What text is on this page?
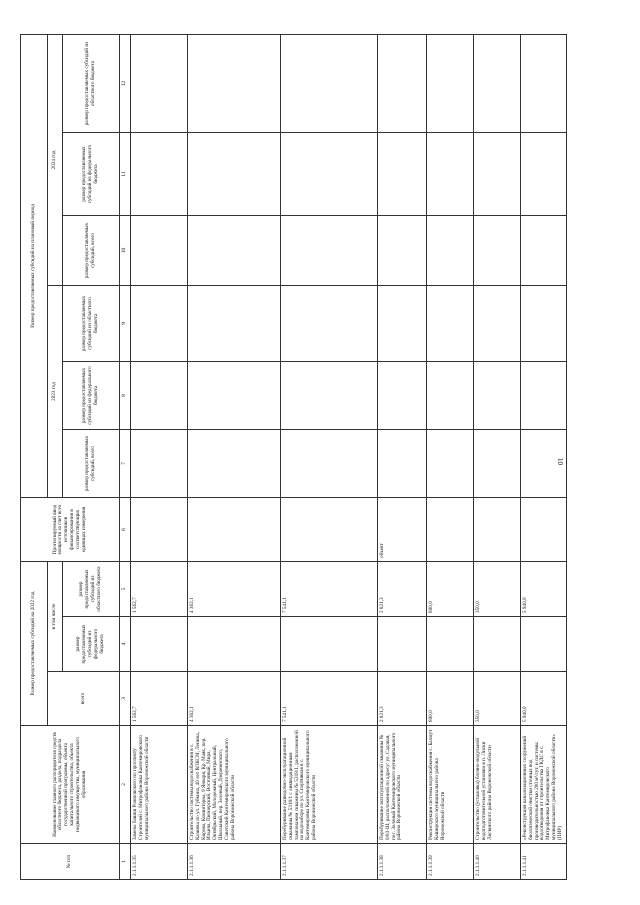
10
№ п/п	Наименование главного распорядителя средств областного бюджета, раздела, подраздела государственной программы, объекта капитального строительства, объекта недвижимого имущества, муниципального образования	Размер предоставляемых субсидий на 2022 год			Прогнозируемый ввод мощности за счет всех источников финансирования в соответствующих единицах измерения	Размер предоставляемых субсидий на плановый период					
		всего	в том числе			2023 год			2024 год		
						размер предоставляемых субсидий, всего	размер предоставляемых субсидий из федерального бюджета	размер предоставляемых субсидий из областного бюджета	размер предоставляемых субсидий, всего	размер предоставляемых субсидий из федерального бюджета	размер предоставляемых субсидий из областного бюджета
			размер предоставляемых субсидий из федерального бюджета	размер предоставляемых субсидий из областного бюджета							
1	2	3	4	5	6	7	8	9	10	11	12
2.1.1.1.35	Замена башни Рожновского по проспекту Строителей с. Митрофановка Кантемировского муниципального района Воронежской области	1 562,7		1 562,7							
2.1.1.1.36	Строительство системы водоснабжения в с. Казинка по ул. Губкина, 40 лет ВЛКСМ, Ленина, Кирова, Коминтерна, 9 Января, Кр. Маяк, пер. Ильича, Пионерский, Восточный, Мира, Октябрьский, Молодежный, Центральный, Школьный, пер. Зеленый, Дзержинского, Советский Кантемировского муниципального района Воронежской области	4 362,1		4 362,1							
2.1.1.1.37	Перебуривание разведочно-эксплуатационной скважины № 5318/1 с ликвидационным тампонажем скважины № 5318/1, расположенной на водозаборе по ул. Спортивная в с. Кантемировка Кантемировского муниципального района Воронежской области	7 541,1		7 541,1							
2.1.1.1.38	Перебуривание эксплуатационной скважины № 0/83-Ш, расположенной по адресу: ул. Садовая, пос. Зеленый Кантемировского муниципального района Воронежской области	2 821,3		2 821,3	объект						
2.1.1.1.39	Реконструкция системы водоснабжения с. Бахмут Каширского муниципального района Воронежской области	800,0		800,0							
2.1.1.1.40	Строительство (установка) блочно-модульной водоподготовительной установки в п. Лиски Лискинского района Воронежской области	350,0		350,0							
2.1.1.1.41	«Реконструкция канализационных сооружений биологической очистки сточных вод производительностью 200 м³/сут. и системы водоотведения от строительства ГКДС в с. Митрофановка Кантемировского муниципального района Воронежской области» (ПИР)	5 940,0		5 940,0							
